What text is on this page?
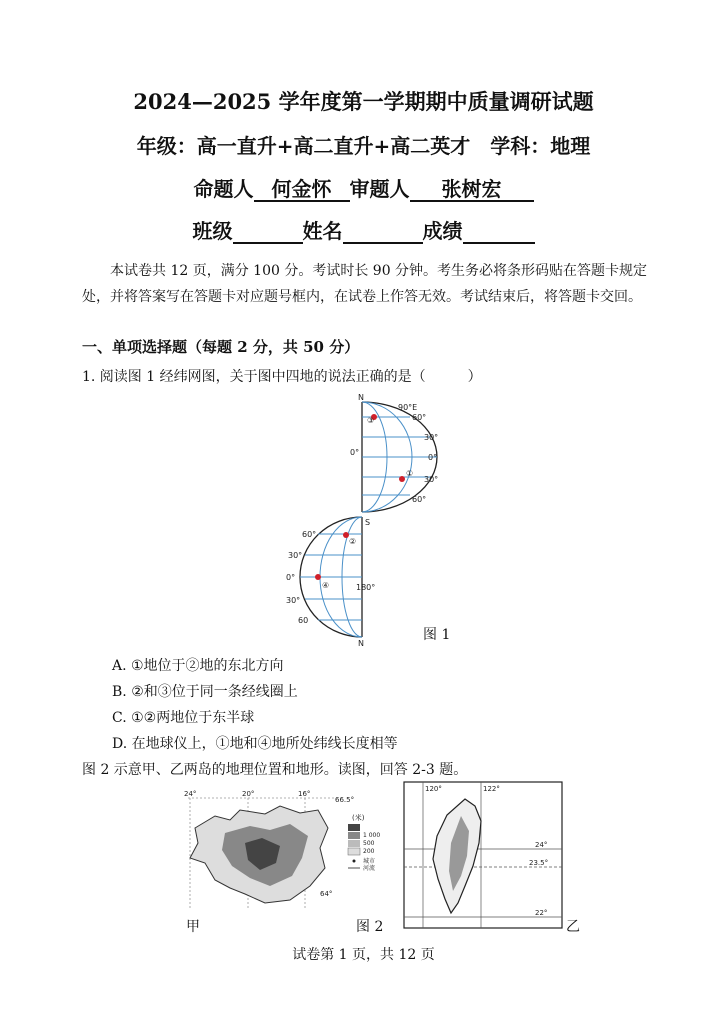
2024—2025 学年度第一学期期中质量调研试题
年级：高一直升+高二直升+高二英才　学科：地理
命题人 何金怀 审题人 张树宏
班级	姓名	成绩
本试卷共 12 页，满分 100 分。考试时长 90 分钟。考生务必将条形码贴在答题卡规定处，并将答案写在答题卡对应题号框内，在试卷上作答无效。考试结束后，将答题卡交回。
一、单项选择题（每题 2 分，共 50 分）
1. 阅读图 1 经纬网图，关于图中四地的说法正确的是（　　　）
N
90°E
60°
30°
0°
0°
30°
60°
③
①
S
60°
②
30°
0°
④	180°
30°
60
N
图 1
A. ①地位于②地的东北方向
B. ②和③位于同一条经线圈上
C. ①②两地位于东半球
D. 在地球仪上，①地和④地所处纬线长度相等
图 2 示意甲、乙两岛的地理位置和地形。读图，回答 2-3 题。
24°	20°	16°
66.5°
64°
(米)
1 000
500
200
城市
河流
120°	122°
24°
23.5°
22°
甲	图 2	乙
试卷第 1 页，共 12 页
